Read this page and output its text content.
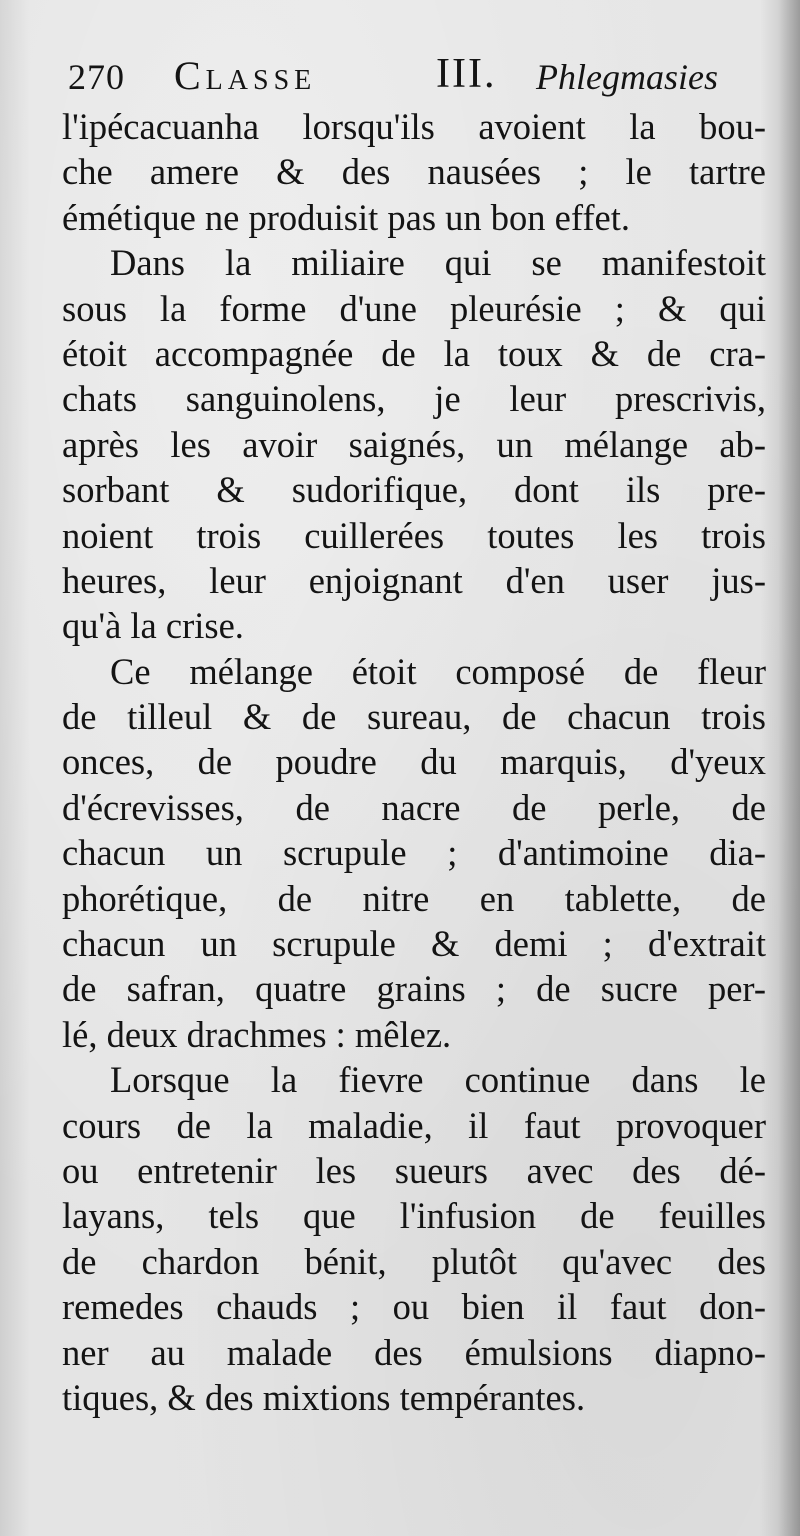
270 Classe	III. Phlegmasies
l'ipécacuanha lorsqu'ils avoient la bou-
che amere & des nausées ; le tartre
émétique ne produisit pas un bon effet.
Dans la miliaire qui se manifestoit
sous la forme d'une pleurésie ; & qui
étoit accompagnée de la toux & de cra-
chats sanguinolens, je leur prescrivis,
après les avoir saignés, un mélange ab-
sorbant & sudorifique, dont ils pre-
noient trois cuillerées toutes les trois
heures, leur enjoignant d'en user jus-
qu'à la crise.
Ce mélange étoit composé de fleur
de tilleul & de sureau, de chacun trois
onces, de poudre du marquis, d'yeux
d'écrevisses, de nacre de perle, de
chacun un scrupule ; d'antimoine dia-
phorétique, de nitre en tablette, de
chacun un scrupule & demi ; d'extrait
de safran, quatre grains ; de sucre per-
lé, deux drachmes : mêlez.
Lorsque la fievre continue dans le
cours de la maladie, il faut provoquer
ou entretenir les sueurs avec des dé-
layans, tels que l'infusion de feuilles
de chardon bénit, plutôt qu'avec des
remedes chauds ; ou bien il faut don-
ner au malade des émulsions diapno-
tiques, & des mixtions tempérantes.
